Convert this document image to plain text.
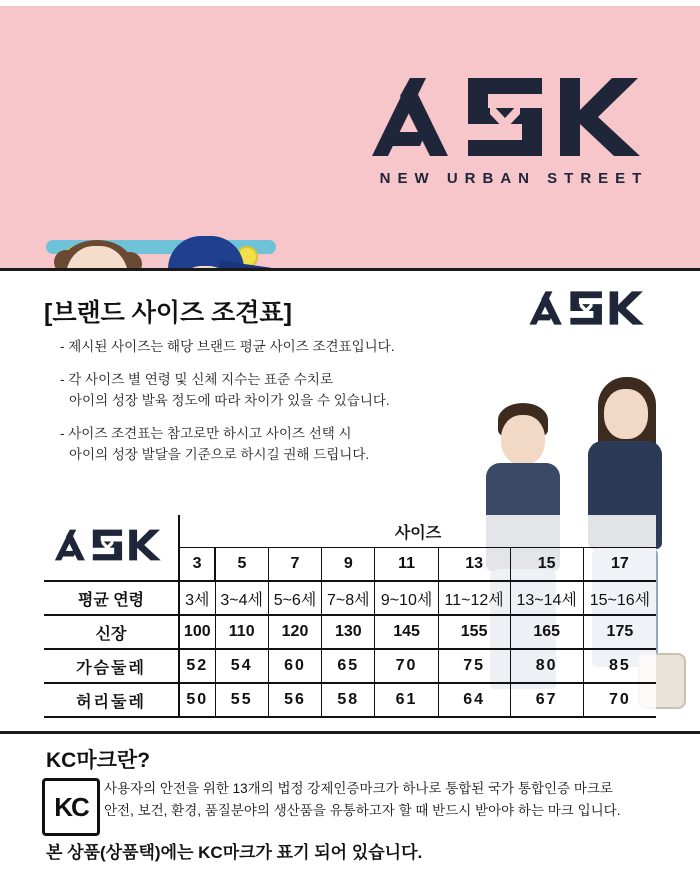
NEW URBAN STREET
[브랜드 사이즈 조견표]
- 제시된 사이즈는 해당 브랜드 평균 사이즈 조견표입니다.
- 각 사이즈 별 연령 및 신체 지수는 표준 수치로
아이의 성장 발육 정도에 따라 차이가 있을 수 있습니다.
- 사이즈 조견표는 참고로만 하시고 사이즈 선택 시
아이의 성장 발달을 기준으로 하시길 권해 드립니다.
	사이즈							
	3	5	7	9	11	13	15	17
평균 연령	3세	3~4세	5~6세	7~8세	9~10세	11~12세	13~14세	15~16세
신장	100	110	120	130	145	155	165	175
가슴둘레	52	54	60	65	70	75	80	85
허리둘레	50	55	56	58	61	64	67	70
KC마크란?
KC
사용자의 안전을 위한 13개의 법정 강제인증마크가 하나로 통합된 국가 통합인증 마크로
안전, 보건, 환경, 품질분야의 생산품을 유통하고자 할 때 반드시 받아야 하는 마크 입니다.
본 상품(상품택)에는 KC마크가 표기 되어 있습니다.
